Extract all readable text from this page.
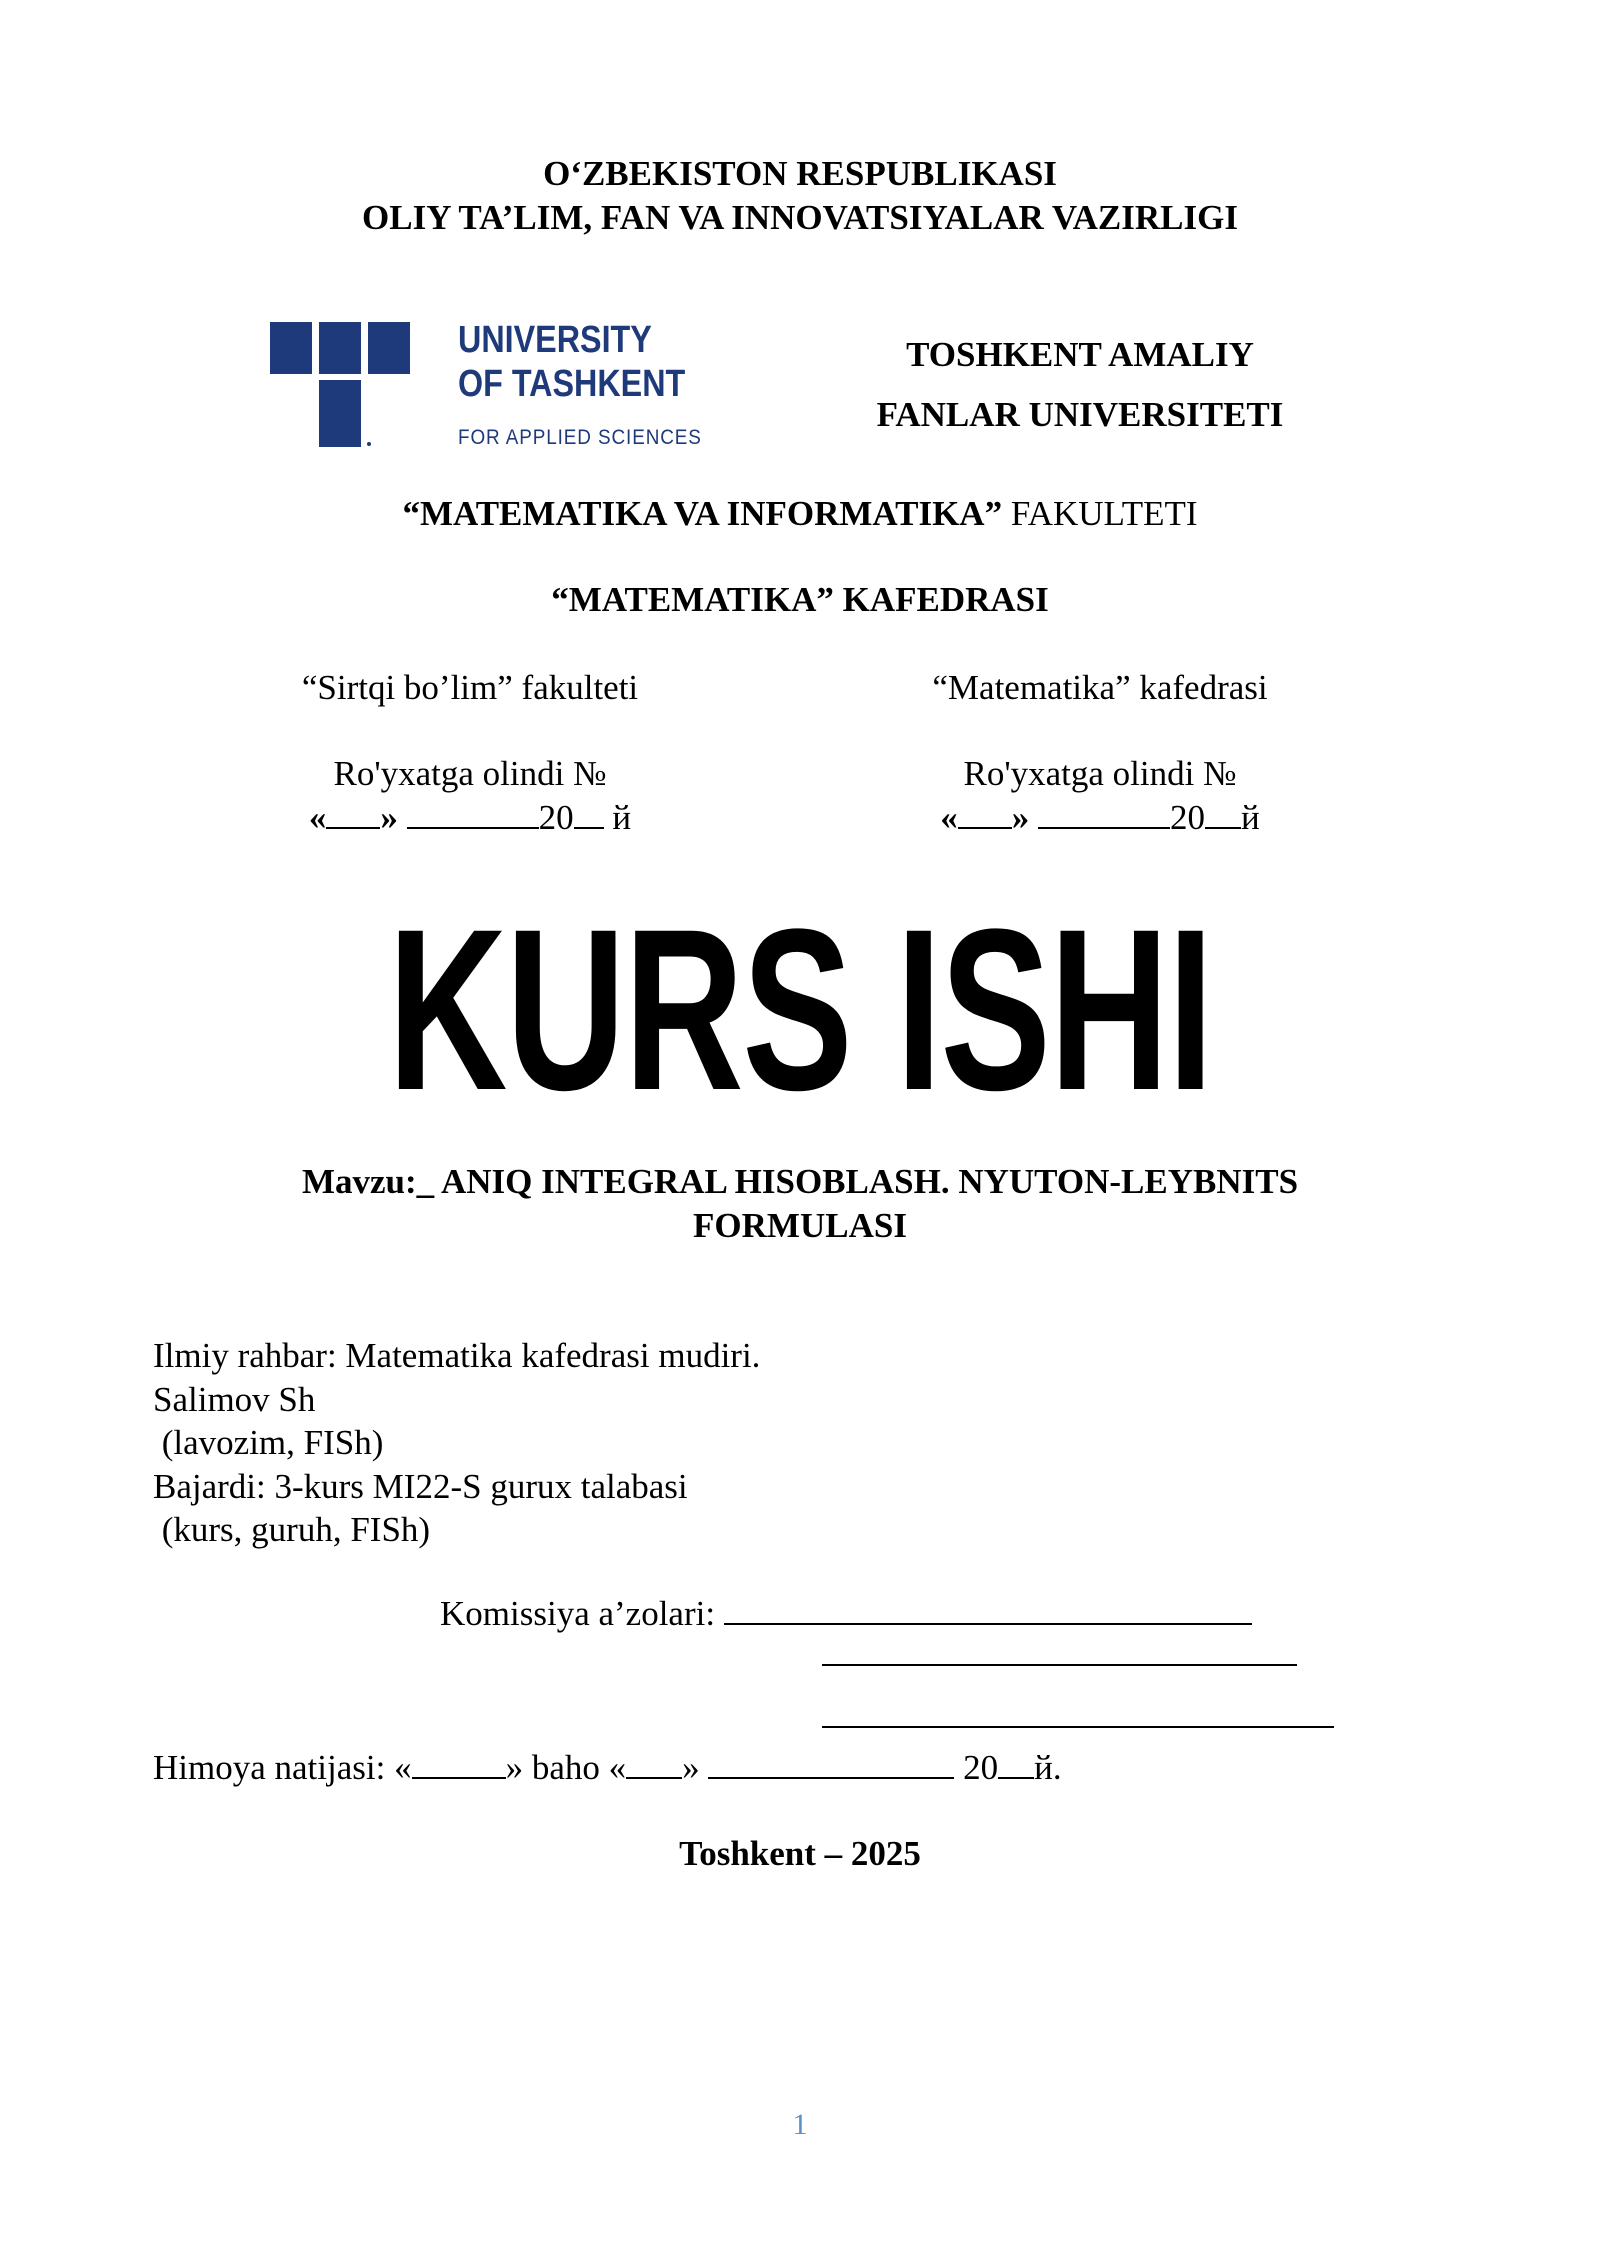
O‘ZBEKISTON RESPUBLIKASI
OLIY TA’LIM, FAN VA INNOVATSIYALAR VAZIRLIGI
UNIVERSITY
OF TASHKENT
FOR APPLIED SCIENCES
TOSHKENT AMALIY
FANLAR UNIVERSITETI
“MATEMATIKA VA INFORMATIKA” FAKULTETI
“MATEMATIKA” KAFEDRASI
“Sirtqi bo’lim” fakulteti
Ro'yxatga olindi №
« »	20 й
“Matematika” kafedrasi
Ro'yxatga olindi №
« »	20 й
KURS ISHI
Mavzu:_ ANIQ INTEGRAL HISOBLASH. NYUTON-LEYBNITS FORMULASI
Ilmiy rahbar: Matematika kafedrasi mudiri.
Salimov Sh
(lavozim, FISh)
Bajardi: 3-kurs MI22-S gurux talabasi
(kurs, guruh, FISh)
Komissiya a’zolari:
Himoya natijasi: «	» baho « »	20 й.
Toshkent – 2025
1
